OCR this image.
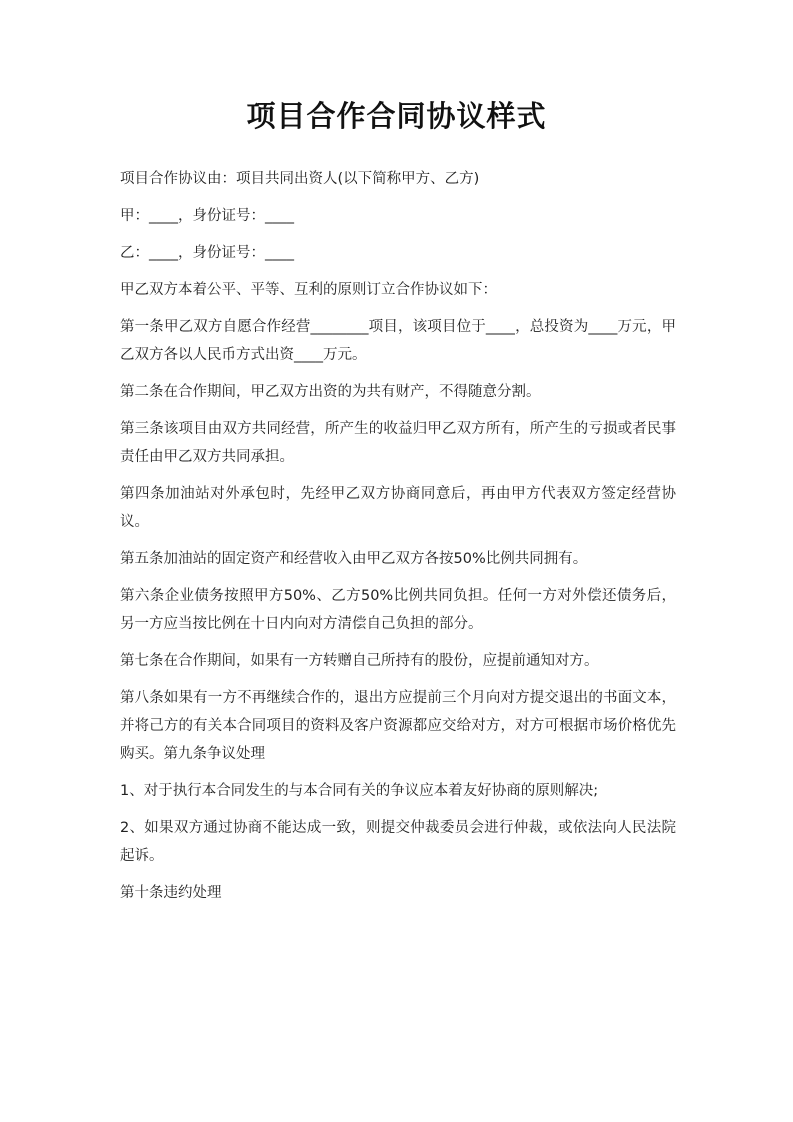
项目合作合同协议样式

项目合作协议由：项目共同出资人(以下简称甲方、乙方)

甲：____，身份证号：____

乙：____，身份证号：____

甲乙双方本着公平、平等、互利的原则订立合作协议如下：

第一条甲乙双方自愿合作经营________项目，该项目位于____，总投资为____万元，甲乙双方各以人民币方式出资____万元。

第二条在合作期间，甲乙双方出资的为共有财产，不得随意分割。

第三条该项目由双方共同经营，所产生的收益归甲乙双方所有，所产生的亏损或者民事责任由甲乙双方共同承担。

第四条加油站对外承包时，先经甲乙双方协商同意后，再由甲方代表双方签定经营协议。

第五条加油站的固定资产和经营收入由甲乙双方各按50%比例共同拥有。

第六条企业债务按照甲方50%、乙方50%比例共同负担。任何一方对外偿还债务后，另一方应当按比例在十日内向对方清偿自己负担的部分。

第七条在合作期间，如果有一方转赠自己所持有的股份，应提前通知对方。

第八条如果有一方不再继续合作的，退出方应提前三个月向对方提交退出的书面文本，并将己方的有关本合同项目的资料及客户资源都应交给对方，对方可根据市场价格优先购买。第九条争议处理

1、对于执行本合同发生的与本合同有关的争议应本着友好协商的原则解决;

2、如果双方通过协商不能达成一致，则提交仲裁委员会进行仲裁，或依法向人民法院起诉。

第十条违约处理
